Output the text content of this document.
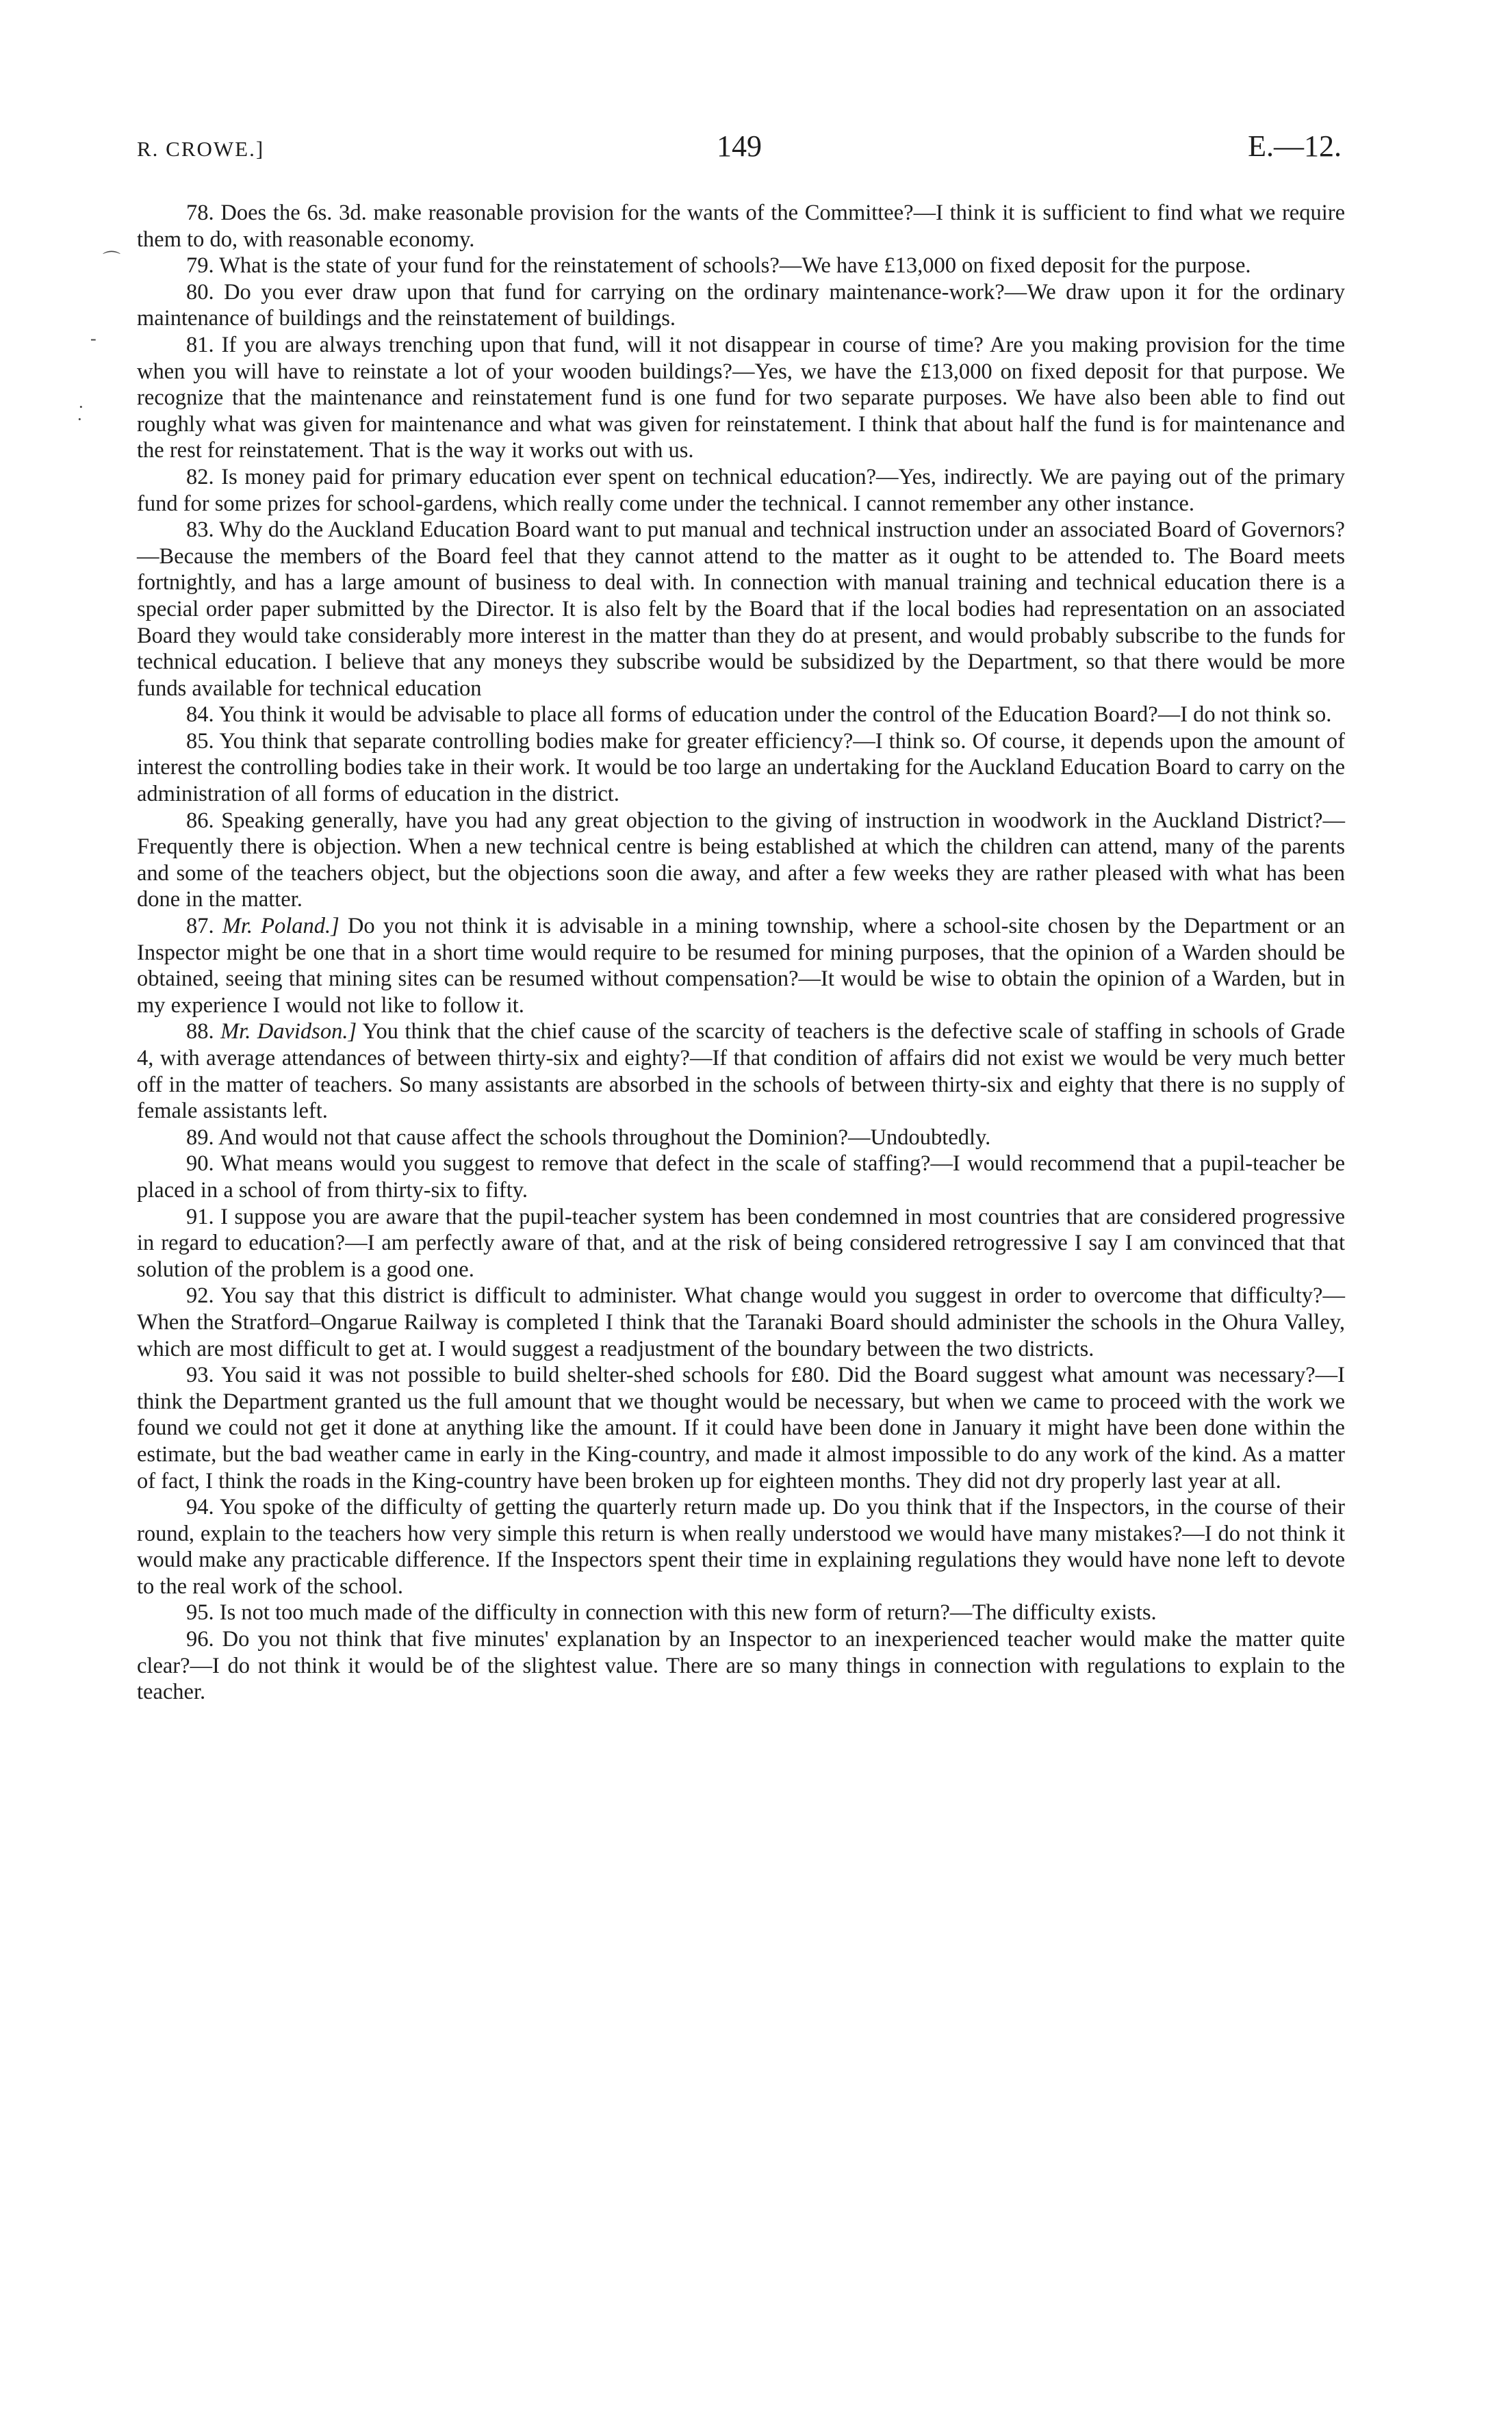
R. CROWE.]	149	E.—12.
⌒
-
·
·

78. Does the 6s. 3d. make reasonable provision for the wants of the Committee?—I think it is sufficient to find what we require them to do, with reasonable economy.

79. What is the state of your fund for the reinstatement of schools?—We have £13,000 on fixed deposit for the purpose.

80. Do you ever draw upon that fund for carrying on the ordinary maintenance-work?—We draw upon it for the ordinary maintenance of buildings and the reinstatement of buildings.

81. If you are always trenching upon that fund, will it not disappear in course of time? Are you making provision for the time when you will have to reinstate a lot of your wooden buildings?—Yes, we have the £13,000 on fixed deposit for that purpose. We recognize that the maintenance and reinstatement fund is one fund for two separate purposes. We have also been able to find out roughly what was given for maintenance and what was given for reinstatement. I think that about half the fund is for maintenance and the rest for reinstatement. That is the way it works out with us.

82. Is money paid for primary education ever spent on technical education?—Yes, indirectly. We are paying out of the primary fund for some prizes for school-gardens, which really come under the technical. I cannot remember any other instance.

83. Why do the Auckland Education Board want to put manual and technical instruction under an associated Board of Governors?—Because the members of the Board feel that they cannot attend to the matter as it ought to be attended to. The Board meets fortnightly, and has a large amount of business to deal with. In connection with manual training and technical education there is a special order paper submitted by the Director. It is also felt by the Board that if the local bodies had representation on an associated Board they would take considerably more interest in the matter than they do at present, and would probably subscribe to the funds for technical education. I believe that any moneys they subscribe would be subsidized by the Department, so that there would be more funds available for technical education

84. You think it would be advisable to place all forms of education under the control of the Education Board?—I do not think so.

85. You think that separate controlling bodies make for greater efficiency?—I think so. Of course, it depends upon the amount of interest the controlling bodies take in their work. It would be too large an undertaking for the Auckland Education Board to carry on the administration of all forms of education in the district.

86. Speaking generally, have you had any great objection to the giving of instruction in woodwork in the Auckland District?—Frequently there is objection. When a new technical centre is being established at which the children can attend, many of the parents and some of the teachers object, but the objections soon die away, and after a few weeks they are rather pleased with what has been done in the matter.

87. Mr. Poland.] Do you not think it is advisable in a mining township, where a school-site chosen by the Department or an Inspector might be one that in a short time would require to be resumed for mining purposes, that the opinion of a Warden should be obtained, seeing that mining sites can be resumed without compensation?—It would be wise to obtain the opinion of a Warden, but in my experience I would not like to follow it.

88. Mr. Davidson.] You think that the chief cause of the scarcity of teachers is the defective scale of staffing in schools of Grade 4, with average attendances of between thirty-six and eighty?—If that condition of affairs did not exist we would be very much better off in the matter of teachers. So many assistants are absorbed in the schools of between thirty-six and eighty that there is no supply of female assistants left.

89. And would not that cause affect the schools throughout the Dominion?—Undoubtedly.

90. What means would you suggest to remove that defect in the scale of staffing?—I would recommend that a pupil-teacher be placed in a school of from thirty-six to fifty.

91. I suppose you are aware that the pupil-teacher system has been condemned in most countries that are considered progressive in regard to education?—I am perfectly aware of that, and at the risk of being considered retrogressive I say I am convinced that that solution of the problem is a good one.

92. You say that this district is difficult to administer. What change would you suggest in order to overcome that difficulty?—When the Stratford–Ongarue Railway is completed I think that the Taranaki Board should administer the schools in the Ohura Valley, which are most difficult to get at. I would suggest a readjustment of the boundary between the two districts.

93. You said it was not possible to build shelter-shed schools for £80. Did the Board suggest what amount was necessary?—I think the Department granted us the full amount that we thought would be necessary, but when we came to proceed with the work we found we could not get it done at anything like the amount. If it could have been done in January it might have been done within the estimate, but the bad weather came in early in the King-country, and made it almost impossible to do any work of the kind. As a matter of fact, I think the roads in the King-country have been broken up for eighteen months. They did not dry properly last year at all.

94. You spoke of the difficulty of getting the quarterly return made up. Do you think that if the Inspectors, in the course of their round, explain to the teachers how very simple this return is when really understood we would have many mistakes?—I do not think it would make any practicable difference. If the Inspectors spent their time in explaining regulations they would have none left to devote to the real work of the school.

95. Is not too much made of the difficulty in connection with this new form of return?—The difficulty exists.

96. Do you not think that five minutes' explanation by an Inspector to an inexperienced teacher would make the matter quite clear?—I do not think it would be of the slightest value. There are so many things in connection with regulations to explain to the teacher.
